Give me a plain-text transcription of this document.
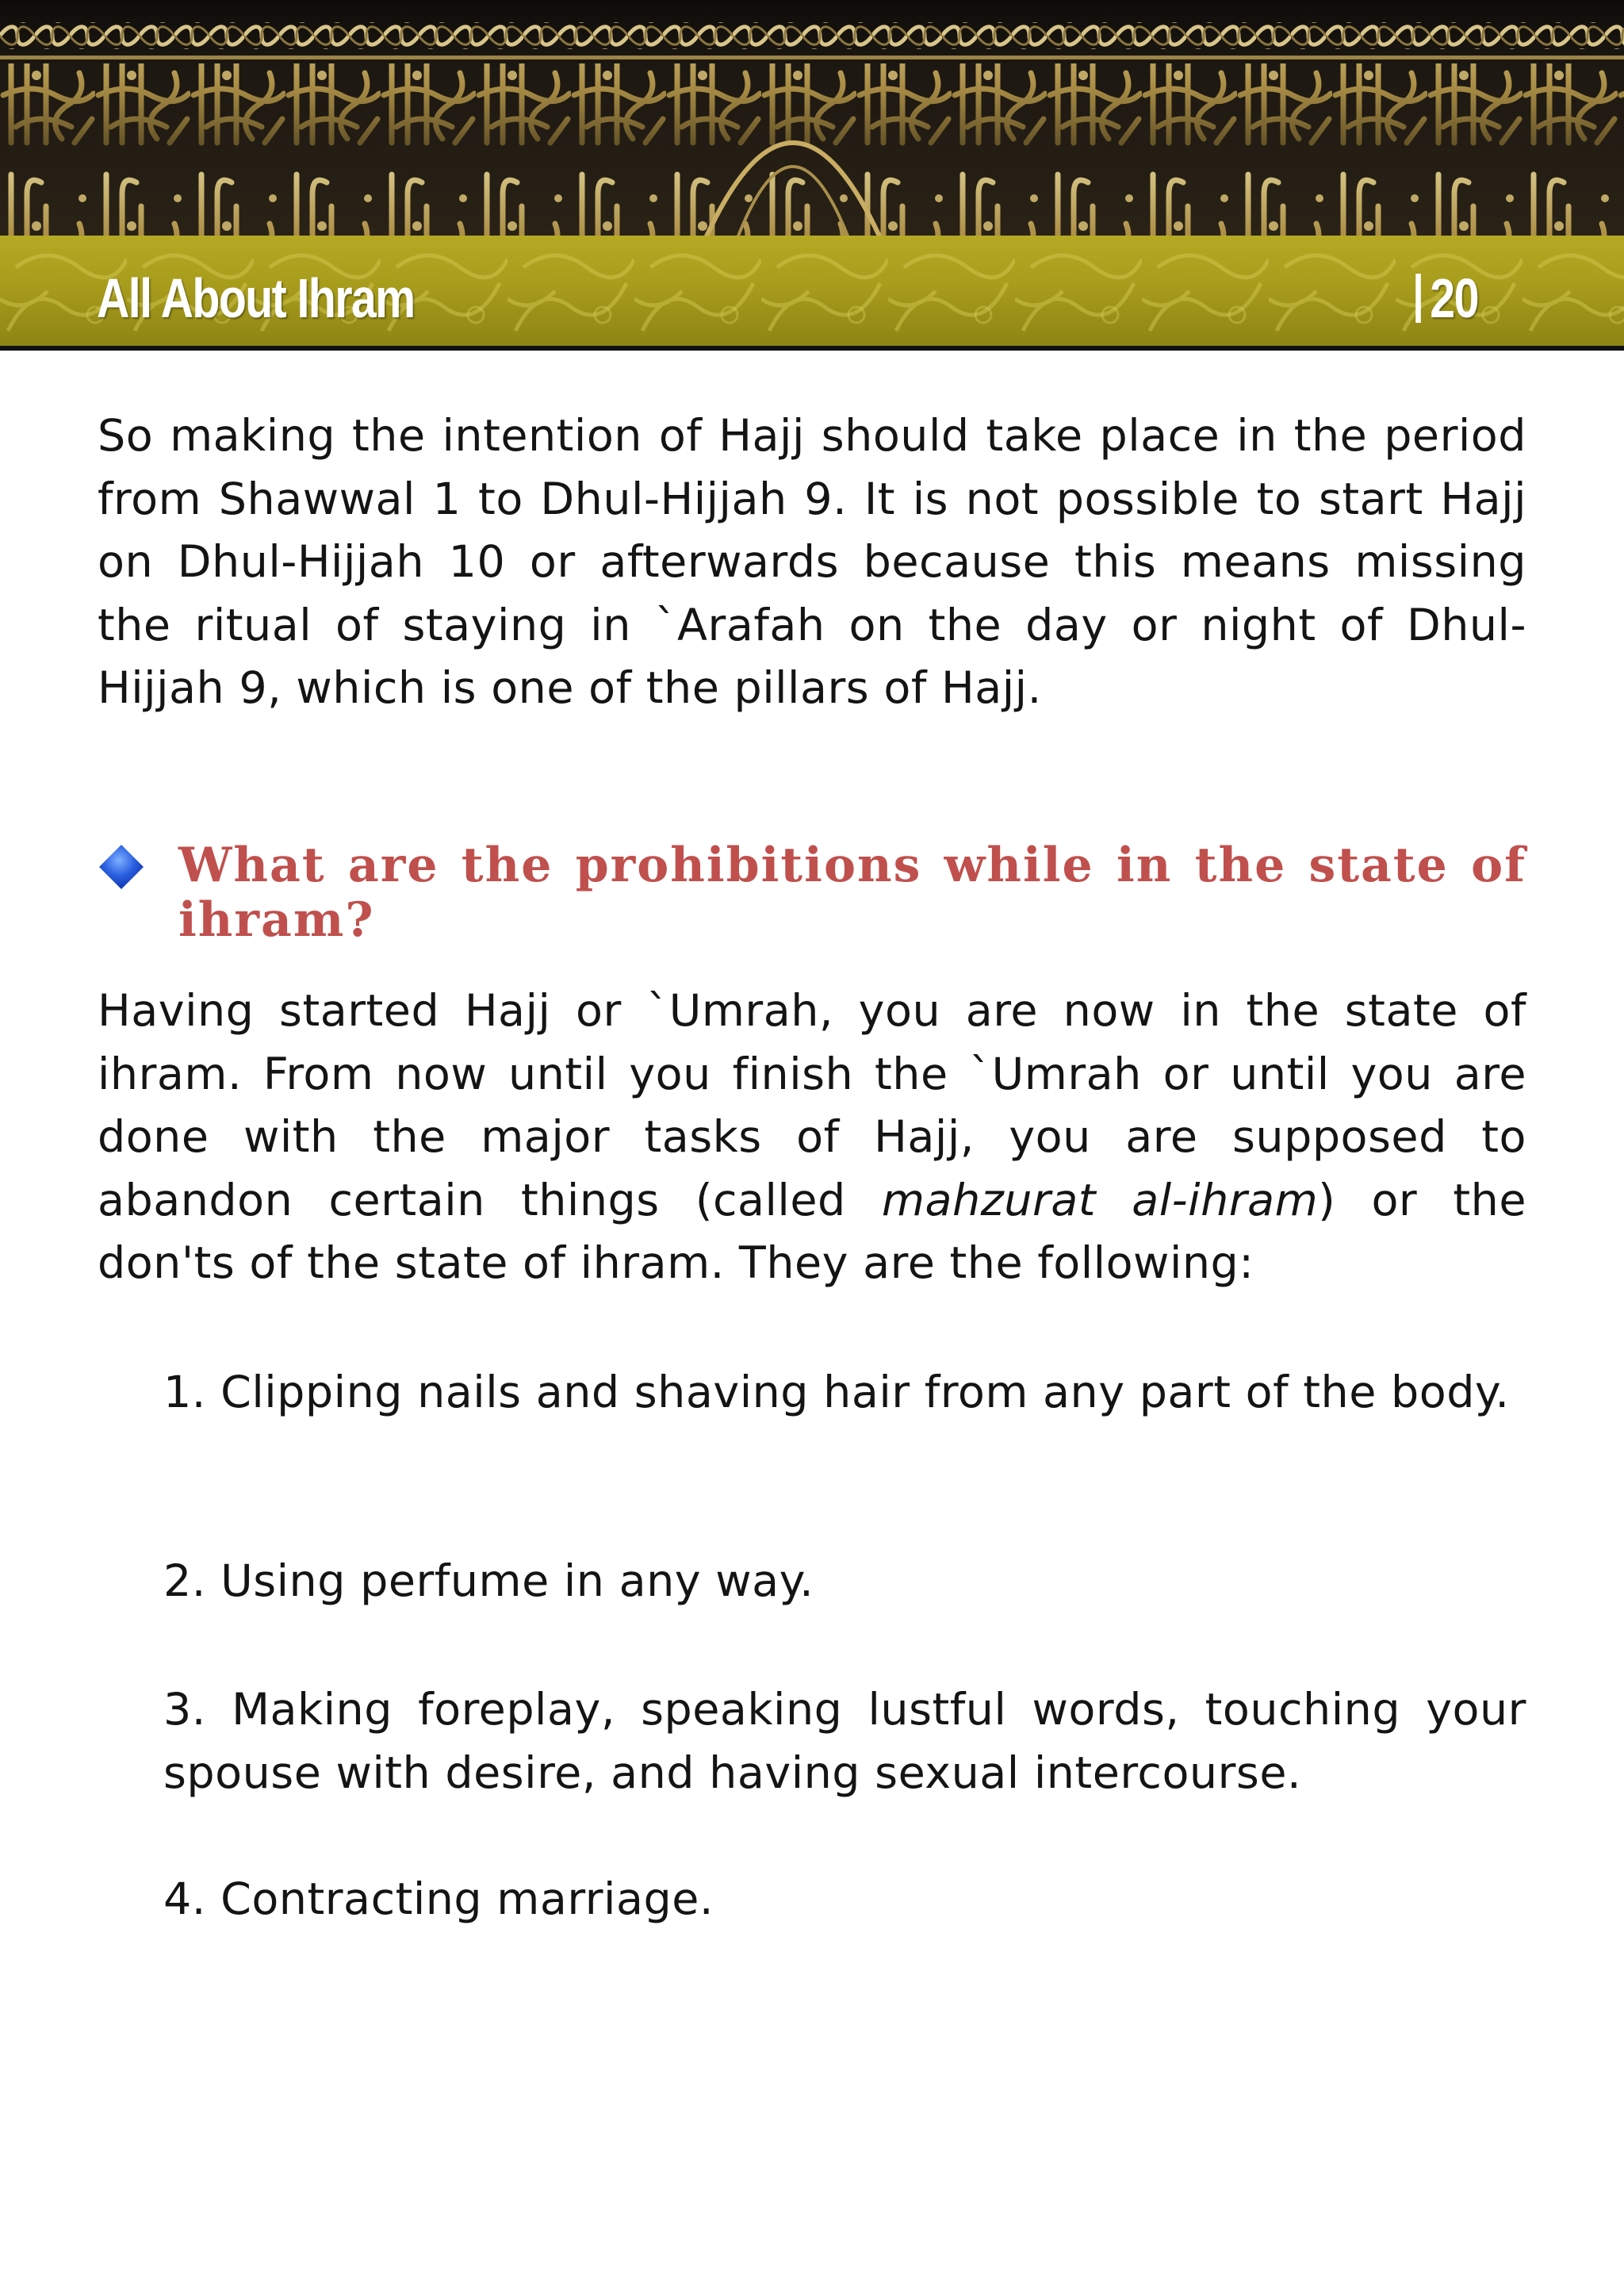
All About Ihram	20

So making the intention of Hajj should take place in the period from Shawwal 1 to Dhul-Hijjah 9. It is not possible to start Hajj on Dhul-Hijjah 10 or afterwards because this means missing the ritual of staying in `Arafah on the day or night of Dhul-Hijjah 9, which is one of the pillars of Hajj.

What are the prohibitions while in the state of
ihram?

Having started Hajj or `Umrah, you are now in the state of ihram. From now until you finish the `Umrah or until you are done with the major tasks of Hajj, you are supposed to abandon certain things (called mahzurat al-ihram) or the don'ts of the state of ihram. They are the following:

1. Clipping nails and shaving hair from any part of the body.

2. Using perfume in any way.

3. Making foreplay, speaking lustful words, touching your spouse with desire, and having sexual intercourse.

4. Contracting marriage.
